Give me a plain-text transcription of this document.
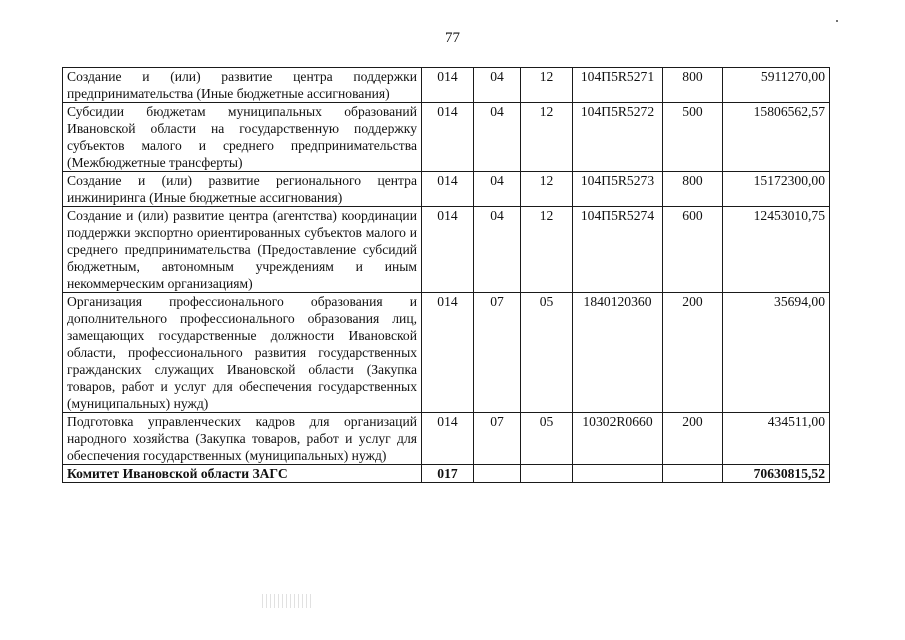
77
Создание и (или) развитие центра поддержки предпринимательства (Иные бюджетные ассигнования)	014	04	12	104П5R5271	800	5911270,00
Субсидии бюджетам муниципальных образований Ивановской области на государственную поддержку субъектов малого и среднего предпринимательства (Межбюджетные трансферты)	014	04	12	104П5R5272	500	15806562,57
Создание и (или) развитие регионального центра инжиниринга (Иные бюджетные ассигнования)	014	04	12	104П5R5273	800	15172300,00
Создание и (или) развитие центра (агентства) координации поддержки экспортно ориентированных субъектов малого и среднего предпринимательства (Предоставление субсидий бюджетным, автономным учреждениям и иным некоммерческим организациям)	014	04	12	104П5R5274	600	12453010,75
Организация профессионального образования и дополнительного профессионального образования лиц, замещающих государственные должности Ивановской области, профессионального развития государственных гражданских служащих Ивановской области (Закупка товаров, работ и услуг для обеспечения государственных (муниципальных) нужд)	014	07	05	1840120360	200	35694,00
Подготовка управленческих кадров для организаций народного хозяйства (Закупка товаров, работ и услуг для обеспечения государственных (муниципальных) нужд)	014	07	05	10302R0660	200	434511,00
Комитет Ивановской области ЗАГС	017					70630815,52
